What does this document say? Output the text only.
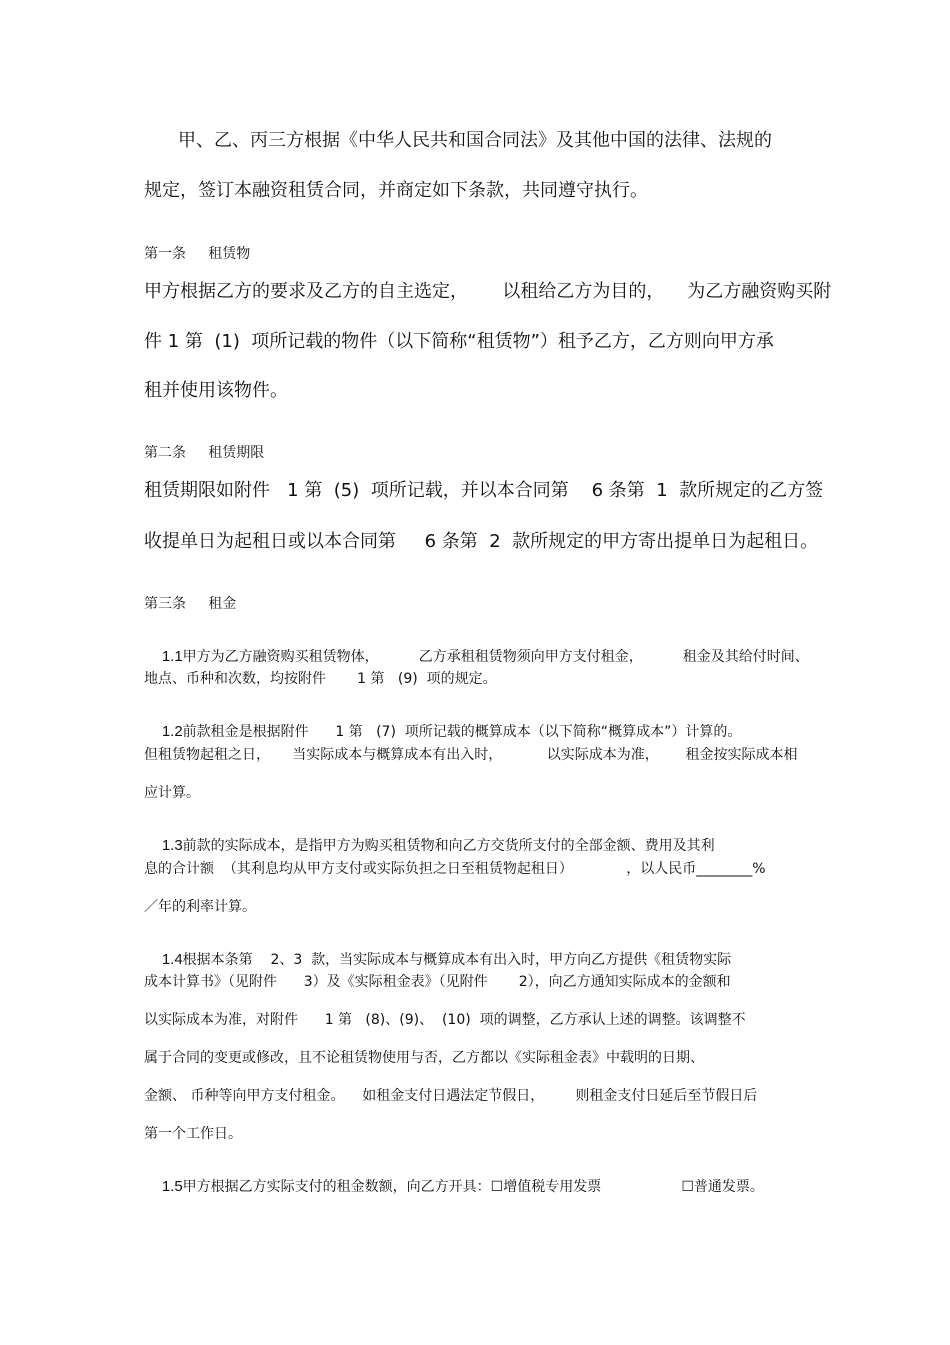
甲、乙、丙三方根据《中华人民共和国合同法》及其他中国的法律、法规的
规定，签订本融资租赁合同，并商定如下条款，共同遵守执行。
第一条     租赁物
甲方根据乙方的要求及乙方的自主选定，      以租给乙方为目的，    为乙方融资购买附
件 1 第  (1)  项所记载的物件（以下简称“租赁物”）租予乙方，乙方则向甲方承
租并使用该物件。
第二条     租赁期限
租赁期限如附件   1 第  (5)  项所记载，并以本合同第    6 条第  1  款所规定的乙方签
收提单日为起租日或以本合同第     6 条第  2  款所规定的甲方寄出提单日为起租日。
第三条     租金

1.1甲方为乙方融资购买租赁物体，         乙方承租租赁物须向甲方支付租金，         租金及其给付时间、

地点、币种和次数，均按附件       1 第   (9)  项的规定。

1.2前款租金是根据附件      1 第   (7)  项所记载的概算成本（以下简称“概算成本”）计算的。

但租赁物起租之日，     当实际成本与概算成本有出入时，          以实际成本为准，      租金按实际成本相
应计算。

1.3前款的实际成本，是指甲方为购买租赁物和向乙方交货所支付的全部金额、费用及其利

息的合计额  （其利息均从甲方支付或实际负担之日至租赁物起租日）            ，以人民币________%
／年的利率计算。

1.4根据本条第    2、3  款，当实际成本与概算成本有出入时，甲方向乙方提供《租赁物实际

成本计算书》（见附件      3）及《实际租金表》（见附件       2），向乙方通知实际成本的金额和
以实际成本为准，对附件      1 第   (8)、(9)、  (10)  项的调整，乙方承认上述的调整。该调整不
属于合同的变更或修改，且不论租赁物使用与否，乙方都以《实际租金表》中载明的日期、
金额、 币种等向甲方支付租金。    如租金支付日遇法定节假日，       则租金支付日延后至节假日后
第一个工作日。

1.5甲方根据乙方实际支付的租金数额，向乙方开具：☐增值税专用发票                  ☐普通发票。
